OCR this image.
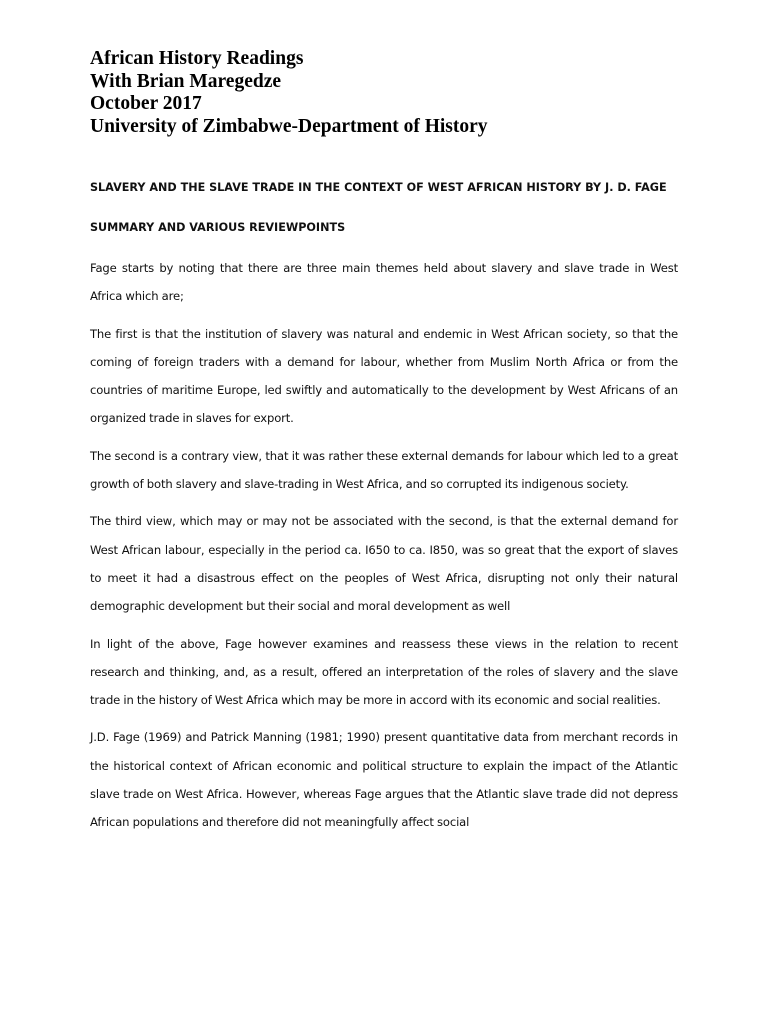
African History Readings
With Brian Maregedze
October 2017
University of Zimbabwe-Department of History
SLAVERY AND THE SLAVE TRADE IN THE CONTEXT OF WEST AFRICAN HISTORY BY J. D. FAGE
SUMMARY AND VARIOUS REVIEWPOINTS

Fage starts by noting that there are three main themes held about slavery and slave trade in West Africa which are;

The first is that the institution of slavery was natural and endemic in West African society, so that the coming of foreign traders with a demand for labour, whether from Muslim North Africa or from the countries of maritime Europe, led swiftly and automatically to the development by West Africans of an organized trade in slaves for export.

The second is a contrary view, that it was rather these external demands for labour which led to a great growth of both slavery and slave-trading in West Africa, and so corrupted its indigenous society.

The third view, which may or may not be associated with the second, is that the external demand for West African labour, especially in the period ca. I650 to ca. I850, was so great that the export of slaves to meet it had a disastrous effect on the peoples of West Africa, disrupting not only their natural demographic development but their social and moral development as well

In light of the above, Fage however examines and reassess these views in the relation to recent research and thinking, and, as a result, offered an interpretation of the roles of slavery and the slave trade in the history of West Africa which may be more in accord with its economic and social realities.

J.D. Fage (1969) and Patrick Manning (1981; 1990) present quantitative data from merchant records in the historical context of African economic and political structure to explain the impact of the Atlantic slave trade on West Africa. However, whereas Fage argues that the Atlantic slave trade did not depress African populations and therefore did not meaningfully affect social
